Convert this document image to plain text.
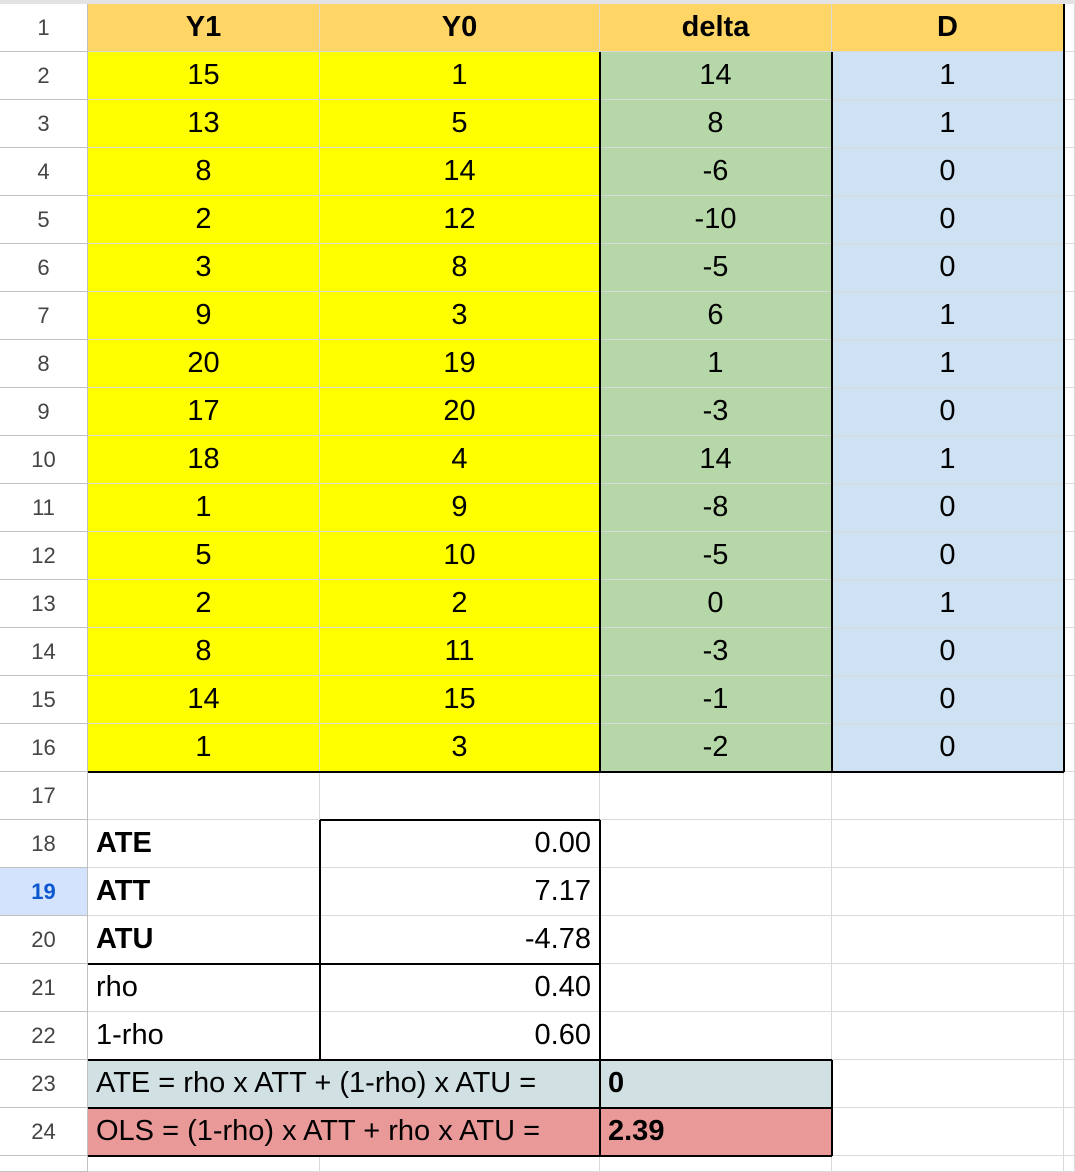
1
2
3
4
5
6
7
8
9
10
11
12
13
14
15
16
17
18
19
20
21
22
23
24
Y1	Y0	delta	D
15	1	14	1
13	5	8	1
8	14	-6	0
2	12	-10	0
3	8	-5	0
9	3	6	1
20	19	1	1
17	20	-3	0
18	4	14	1
1	9	-8	0
5	10	-5	0
2	2	0	1
8	11	-3	0
14	15	-1	0
1	3	-2	0
ATE	0.00
ATT	7.17
ATU	-4.78
rho	0.40
1-rho	0.60
ATE = rho x ATT + (1-rho) x ATU =	0
OLS = (1-rho) x ATT + rho x ATU =	2.39
